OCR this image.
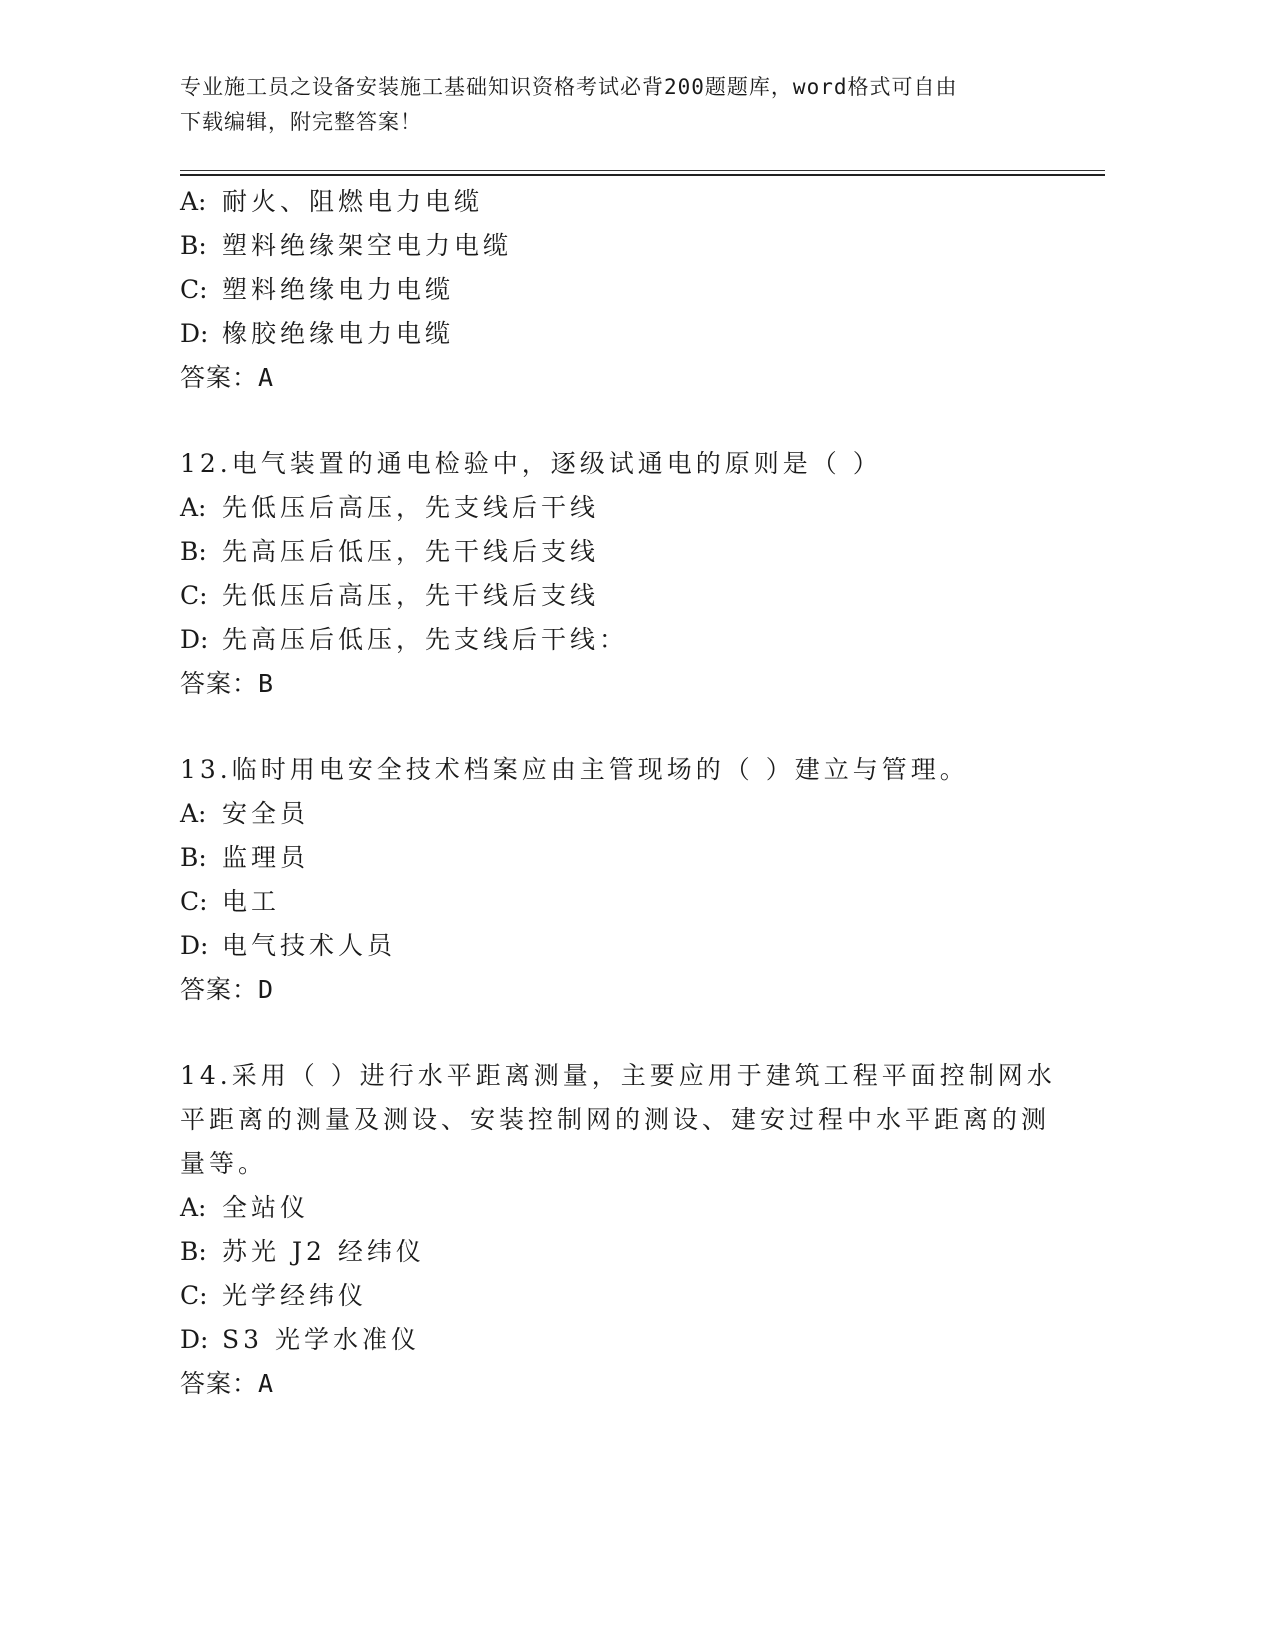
专业施工员之设备安装施工基础知识资格考试必背200题题库，word格式可自由
下载编辑，附完整答案！
A: 耐火、阻燃电力电缆
B: 塑料绝缘架空电力电缆
C: 塑料绝缘电力电缆
D: 橡胶绝缘电力电缆
答案：A
12.电气装置的通电检验中，逐级试通电的原则是（ ）
A: 先低压后高压，先支线后干线
B: 先高压后低压，先干线后支线
C: 先低压后高压，先干线后支线
D: 先高压后低压，先支线后干线：
答案：B
13.临时用电安全技术档案应由主管现场的（ ）建立与管理。
A: 安全员
B: 监理员
C: 电工
D: 电气技术人员
答案：D
14.采用（ ）进行水平距离测量，主要应用于建筑工程平面控制网水
平距离的测量及测设、安装控制网的测设、建安过程中水平距离的测
量等。
A: 全站仪
B: 苏光 J2 经纬仪
C: 光学经纬仪
D: S3 光学水准仪
答案：A
